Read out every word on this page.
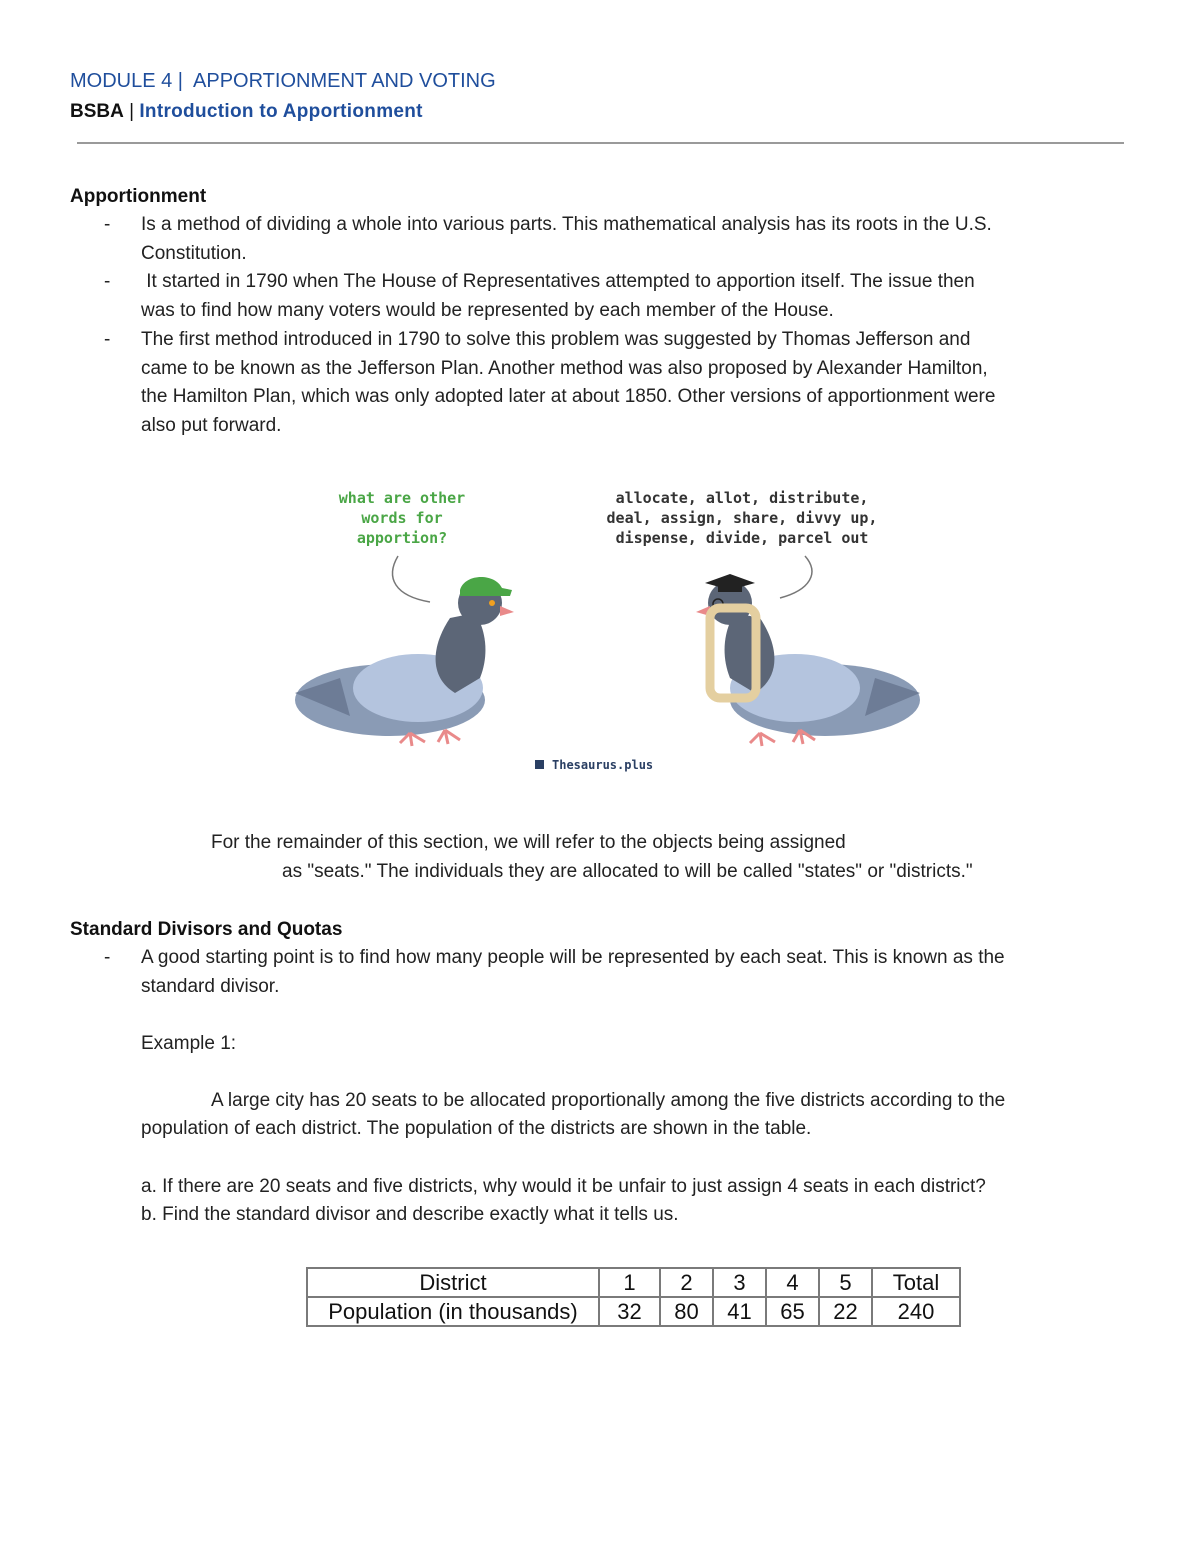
MODULE 4 |  APPORTIONMENT AND VOTING
BSBA | Introduction to Apportionment
Apportionment
- Is a method of dividing a whole into various parts. This mathematical analysis has its roots in the U.S.
Constitution.
- It started in 1790 when The House of Representatives attempted to apportion itself. The issue then
was to find how many voters would be represented by each member of the House.
- The first method introduced in 1790 to solve this problem was suggested by Thomas Jefferson and
came to be known as the Jefferson Plan. Another method was also proposed by Alexander Hamilton,
the Hamilton Plan, which was only adopted later at about 1850. Other versions of apportionment were
also put forward.
what are other
words for
apportion?
allocate, allot, distribute,
deal, assign, share, divvy up,
dispense, divide, parcel out
Thesaurus.plus
For the remainder of this section, we will refer to the objects being assigned
as "seats." The individuals they are allocated to will be called "states" or "districts."
Standard Divisors and Quotas
- A good starting point is to find how many people will be represented by each seat. This is known as the
standard divisor.
Example 1:
A large city has 20 seats to be allocated proportionally among the five districts according to the
population of each district. The population of the districts are shown in the table.
a. If there are 20 seats and five districts, why would it be unfair to just assign 4 seats in each district?
b. Find the standard divisor and describe exactly what it tells us.
District	1	2	3	4	5	Total
Population (in thousands)	32	80	41	65	22	240
